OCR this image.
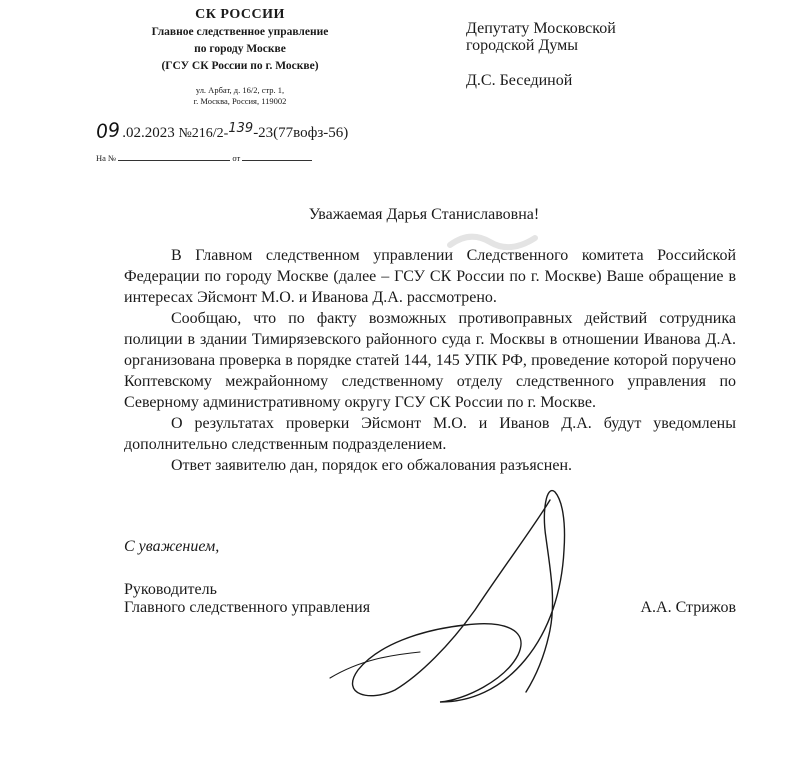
СК РОССИИ
Главное следственное управление
по городу Москве
(ГСУ СК России по г. Москве)
ул. Арбат, д. 16/2, стр. 1,
г. Москва, Россия, 119002
09.02.2023 №216/2-139-23(77вофз-56)
На №	от
Депутату Московской
городской Думы
Д.С. Бесединой
Уважаемая Дарья Станиславовна!

В Главном следственном управлении Следственного комитета Российской Федерации по городу Москве (далее – ГСУ СК России по г. Москве) Ваше обращение в интересах Эйсмонт М.О. и Иванова Д.А. рассмотрено.

Сообщаю, что по факту возможных противоправных действий сотрудника полиции в здании Тимирязевского районного суда г. Москвы в отношении Иванова Д.А. организована проверка в порядке статей 144, 145 УПК РФ, проведение которой поручено Коптевскому межрайонному следственному отделу следственного управления по Северному административному округу ГСУ СК России по г. Москве.

О результатах проверки Эйсмонт М.О. и Иванов Д.А. будут уведомлены дополнительно следственным подразделением.

Ответ заявителю дан, порядок его обжалования разъяснен.

С уважением,
Руководитель
Главного следственного управления	А.А. Стрижов
